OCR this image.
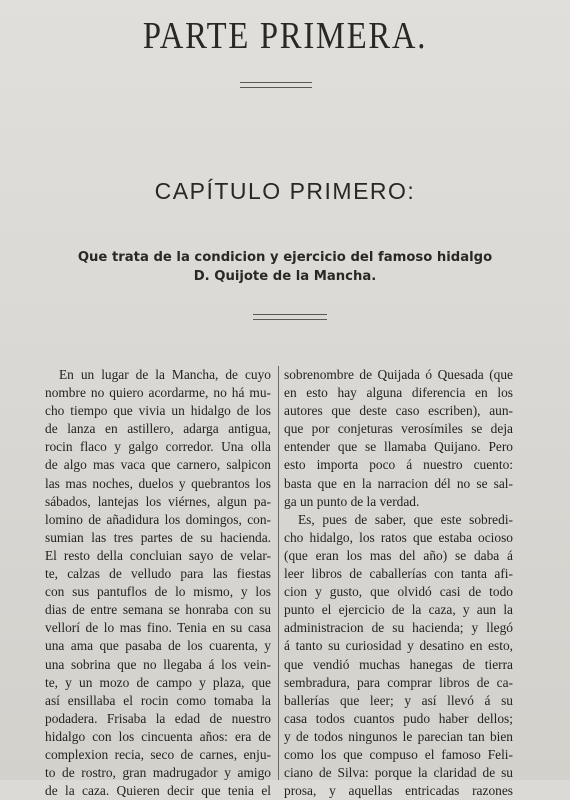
PARTE PRIMERA.
CAPÍTULO PRIMERO:
Que trata de la condicion y ejercicio del famoso hidalgo
D. Quijote de la Mancha.
En un lugar de la Mancha, de cuyo
nombre no quiero acordarme, no há mu-
cho tiempo que vivia un hidalgo de los
de lanza en astillero, adarga antigua,
rocin flaco y galgo corredor. Una olla
de algo mas vaca que carnero, salpicon
las mas noches, duelos y quebrantos los
sábados, lantejas los viérnes, algun pa-
lomino de añadidura los domingos, con-
sumian las tres partes de su hacienda.
El resto della concluian sayo de velar-
te, calzas de velludo para las fiestas
con sus pantuflos de lo mismo, y los
dias de entre semana se honraba con su
vellorí de lo mas fino. Tenia en su casa
una ama que pasaba de los cuarenta, y
una sobrina que no llegaba á los vein-
te, y un mozo de campo y plaza, que
así ensillaba el rocin como tomaba la
podadera. Frisaba la edad de nuestro
hidalgo con los cincuenta años: era de
complexion recia, seco de carnes, enju-
to de rostro, gran madrugador y amigo
de la caza. Quieren decir que tenia el
sobrenombre de Quijada ó Quesada (que
en esto hay alguna diferencia en los
autores que deste caso escriben), aun-
que por conjeturas verosímiles se deja
entender que se llamaba Quijano. Pero
esto importa poco á nuestro cuento:
basta que en la narracion dél no se sal-
ga un punto de la verdad.
Es, pues de saber, que este sobredi-
cho hidalgo, los ratos que estaba ocioso
(que eran los mas del año) se daba á
leer libros de caballerías con tanta afi-
cion y gusto, que olvidó casi de todo
punto el ejercicio de la caza, y aun la
administracion de su hacienda; y llegó
á tanto su curiosidad y desatino en esto,
que vendió muchas hanegas de tierra
sembradura, para comprar libros de ca-
ballerías que leer; y así llevó á su
casa todos cuantos pudo haber dellos;
y de todos ningunos le parecian tan bien
como los que compuso el famoso Feli-
ciano de Silva: porque la claridad de su
prosa, y aquellas entricadas razones
